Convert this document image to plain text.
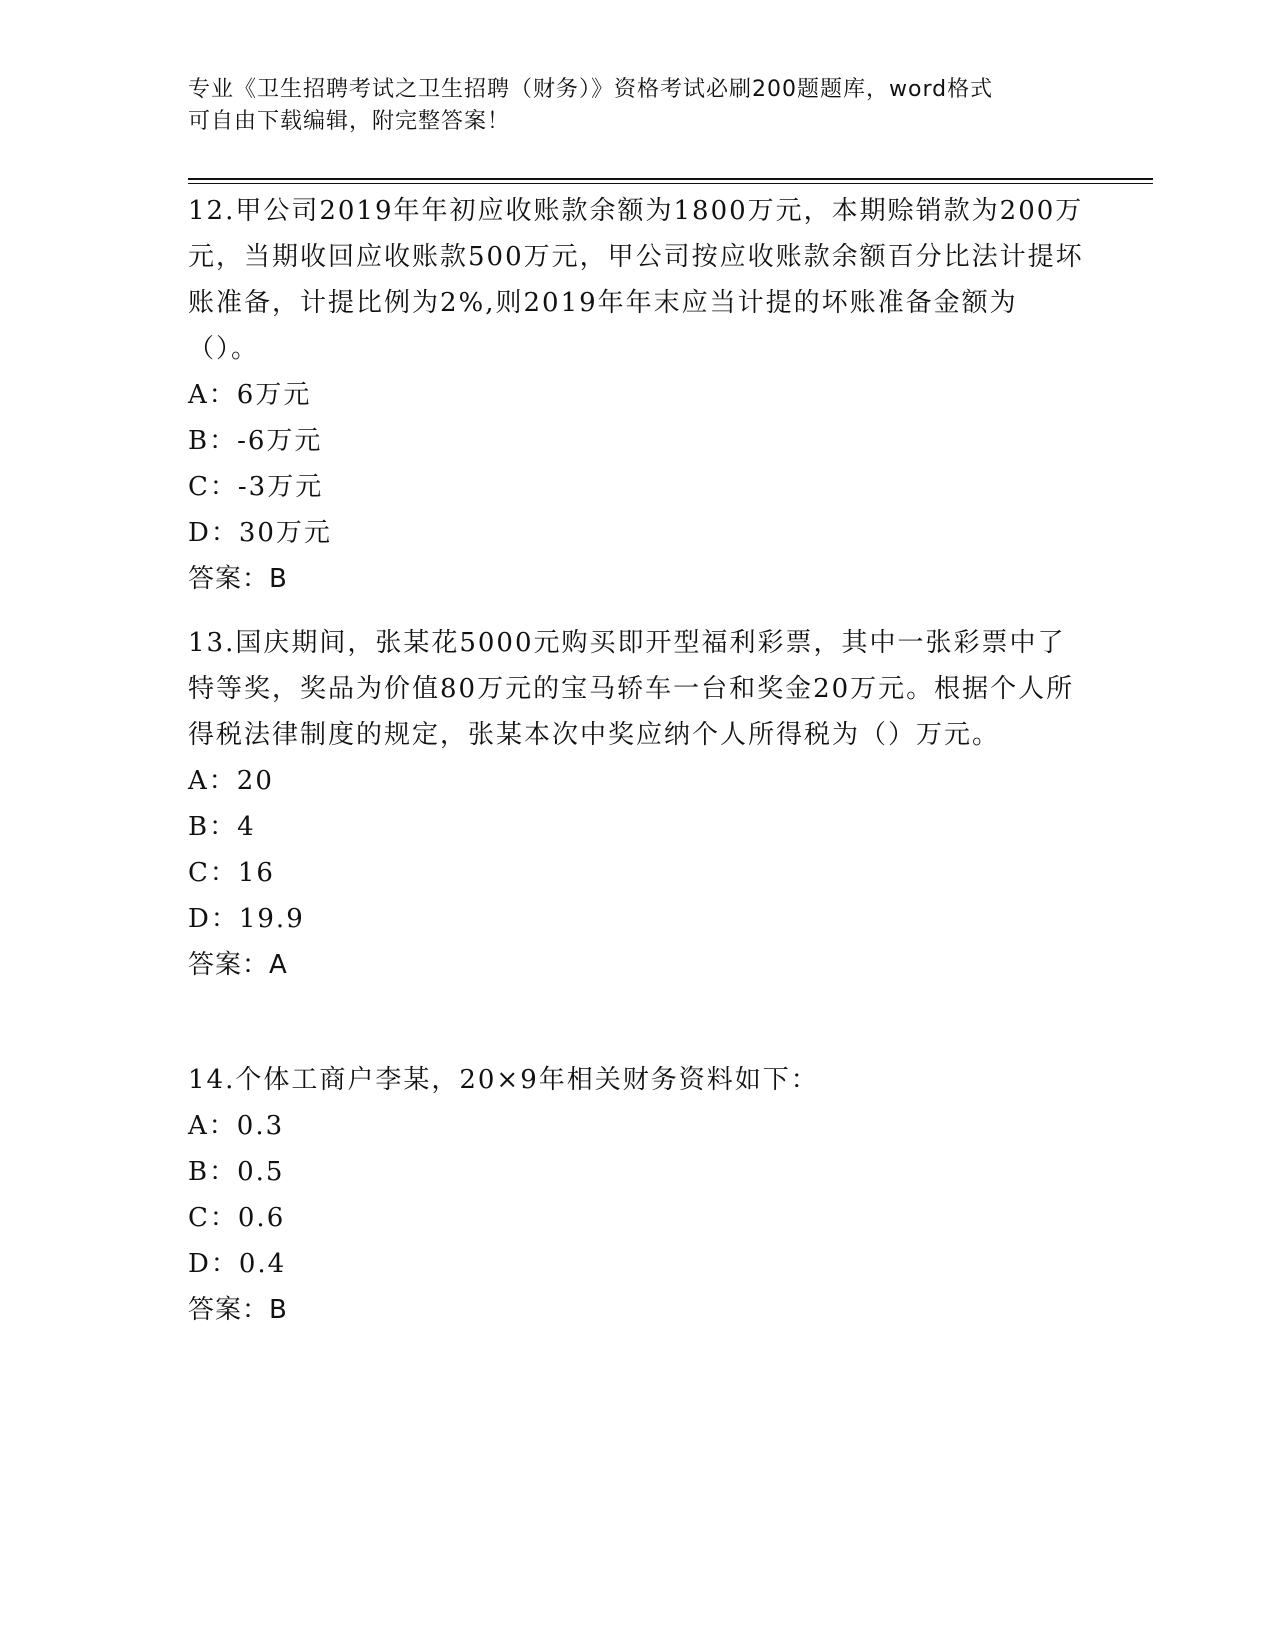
专业《卫生招聘考试之卫生招聘（财务）》资格考试必刷200题题库，word格式
可自由下载编辑，附完整答案！

12.甲公司2019年年初应收账款余额为1800万元，本期赊销款为200万元，当期收回应收账款500万元，甲公司按应收账款余额百分比法计提坏账准备，计提比例为2%,则2019年年末应当计提的坏账准备金额为（）。

A：6万元

B：-6万元

C：-3万元

D：30万元

答案：B

13.国庆期间，张某花5000元购买即开型福利彩票，其中一张彩票中了特等奖，奖品为价值80万元的宝马轿车一台和奖金20万元。根据个人所得税法律制度的规定，张某本次中奖应纳个人所得税为（）万元。

A：20

B：4

C：16

D：19.9

答案：A

14.个体工商户李某，20×9年相关财务资料如下：

A：0.3

B：0.5

C：0.6

D：0.4

答案：B
